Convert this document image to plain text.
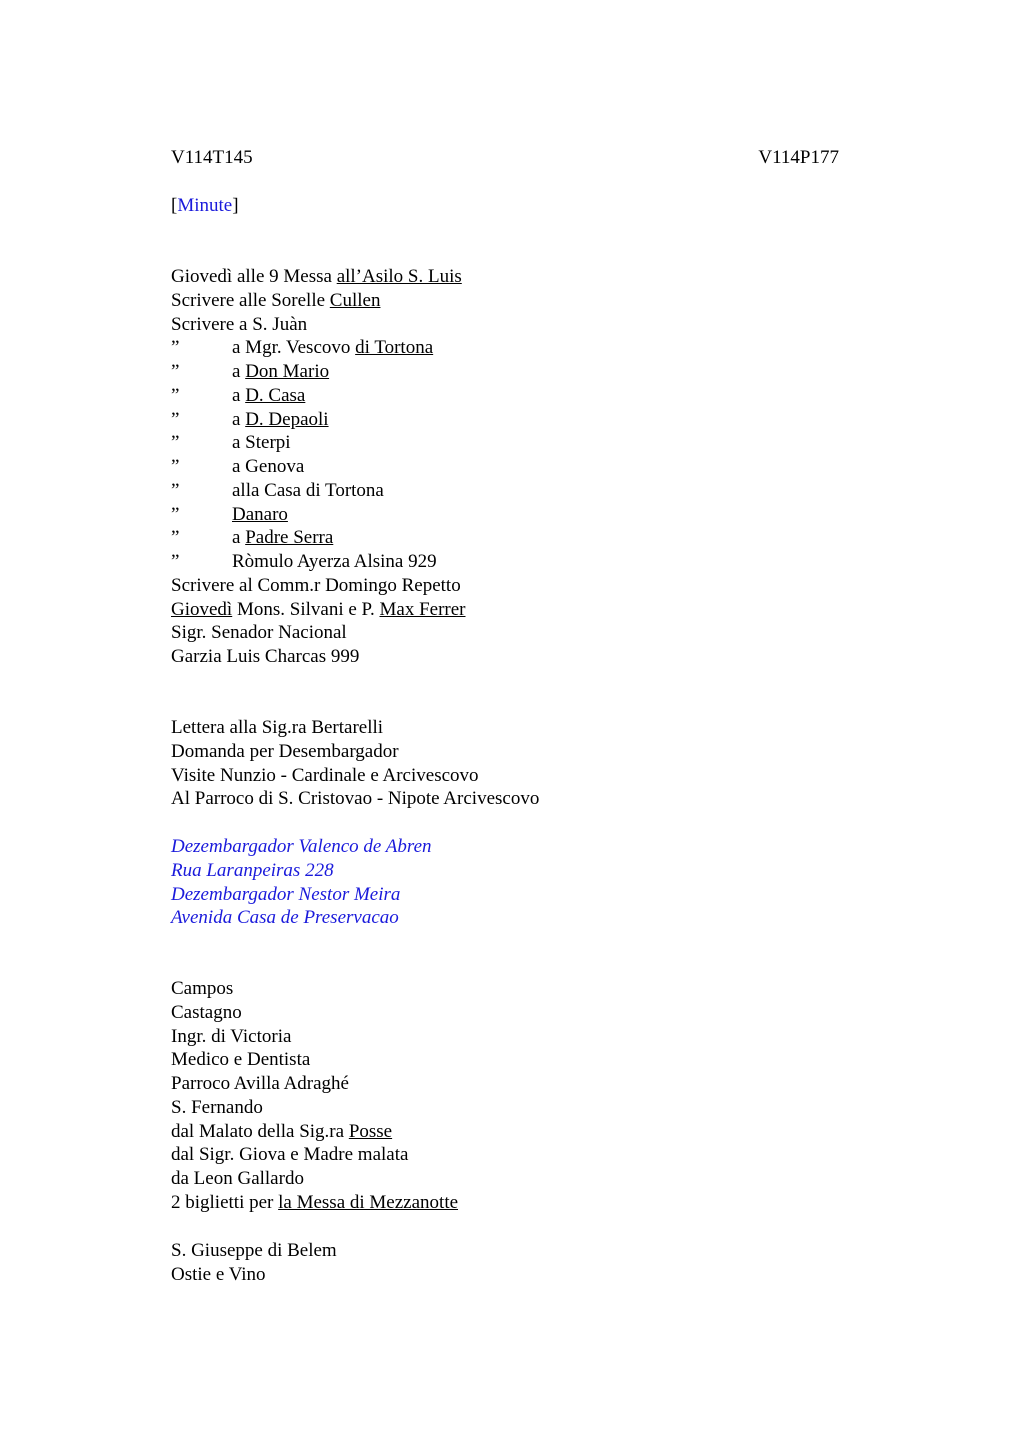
V114T145	V114P177
[Minute]
Giovedì alle 9 Messa all’Asilo S. Luis
Scrivere alle Sorelle Cullen
Scrivere a S. Juàn
”	a Mgr. Vescovo di Tortona
”	a Don Mario
”	a D. Casa
”	a D. Depaoli
”	a Sterpi
”	a Genova
”	alla Casa di Tortona
”	Danaro
”	a Padre Serra
”	Ròmulo Ayerza Alsina 929
Scrivere al Comm.r Domingo Repetto
Giovedì Mons. Silvani e P. Max Ferrer
Sigr. Senador Nacional
Garzia Luis Charcas 999
Lettera alla Sig.ra Bertarelli
Domanda per Desembargador
Visite Nunzio - Cardinale e Arcivescovo
Al Parroco di S. Cristovao - Nipote Arcivescovo
Dezembargador Valenco de Abren
Rua Laranpeiras 228
Dezembargador Nestor Meira
Avenida Casa de Preservacao
Campos
Castagno
Ingr. di Victoria
Medico e Dentista
Parroco Avilla Adraghé
S. Fernando
dal Malato della Sig.ra Posse
dal Sigr. Giova e Madre malata
da Leon Gallardo
2 biglietti per la Messa di Mezzanotte
S. Giuseppe di Belem
Ostie e Vino
